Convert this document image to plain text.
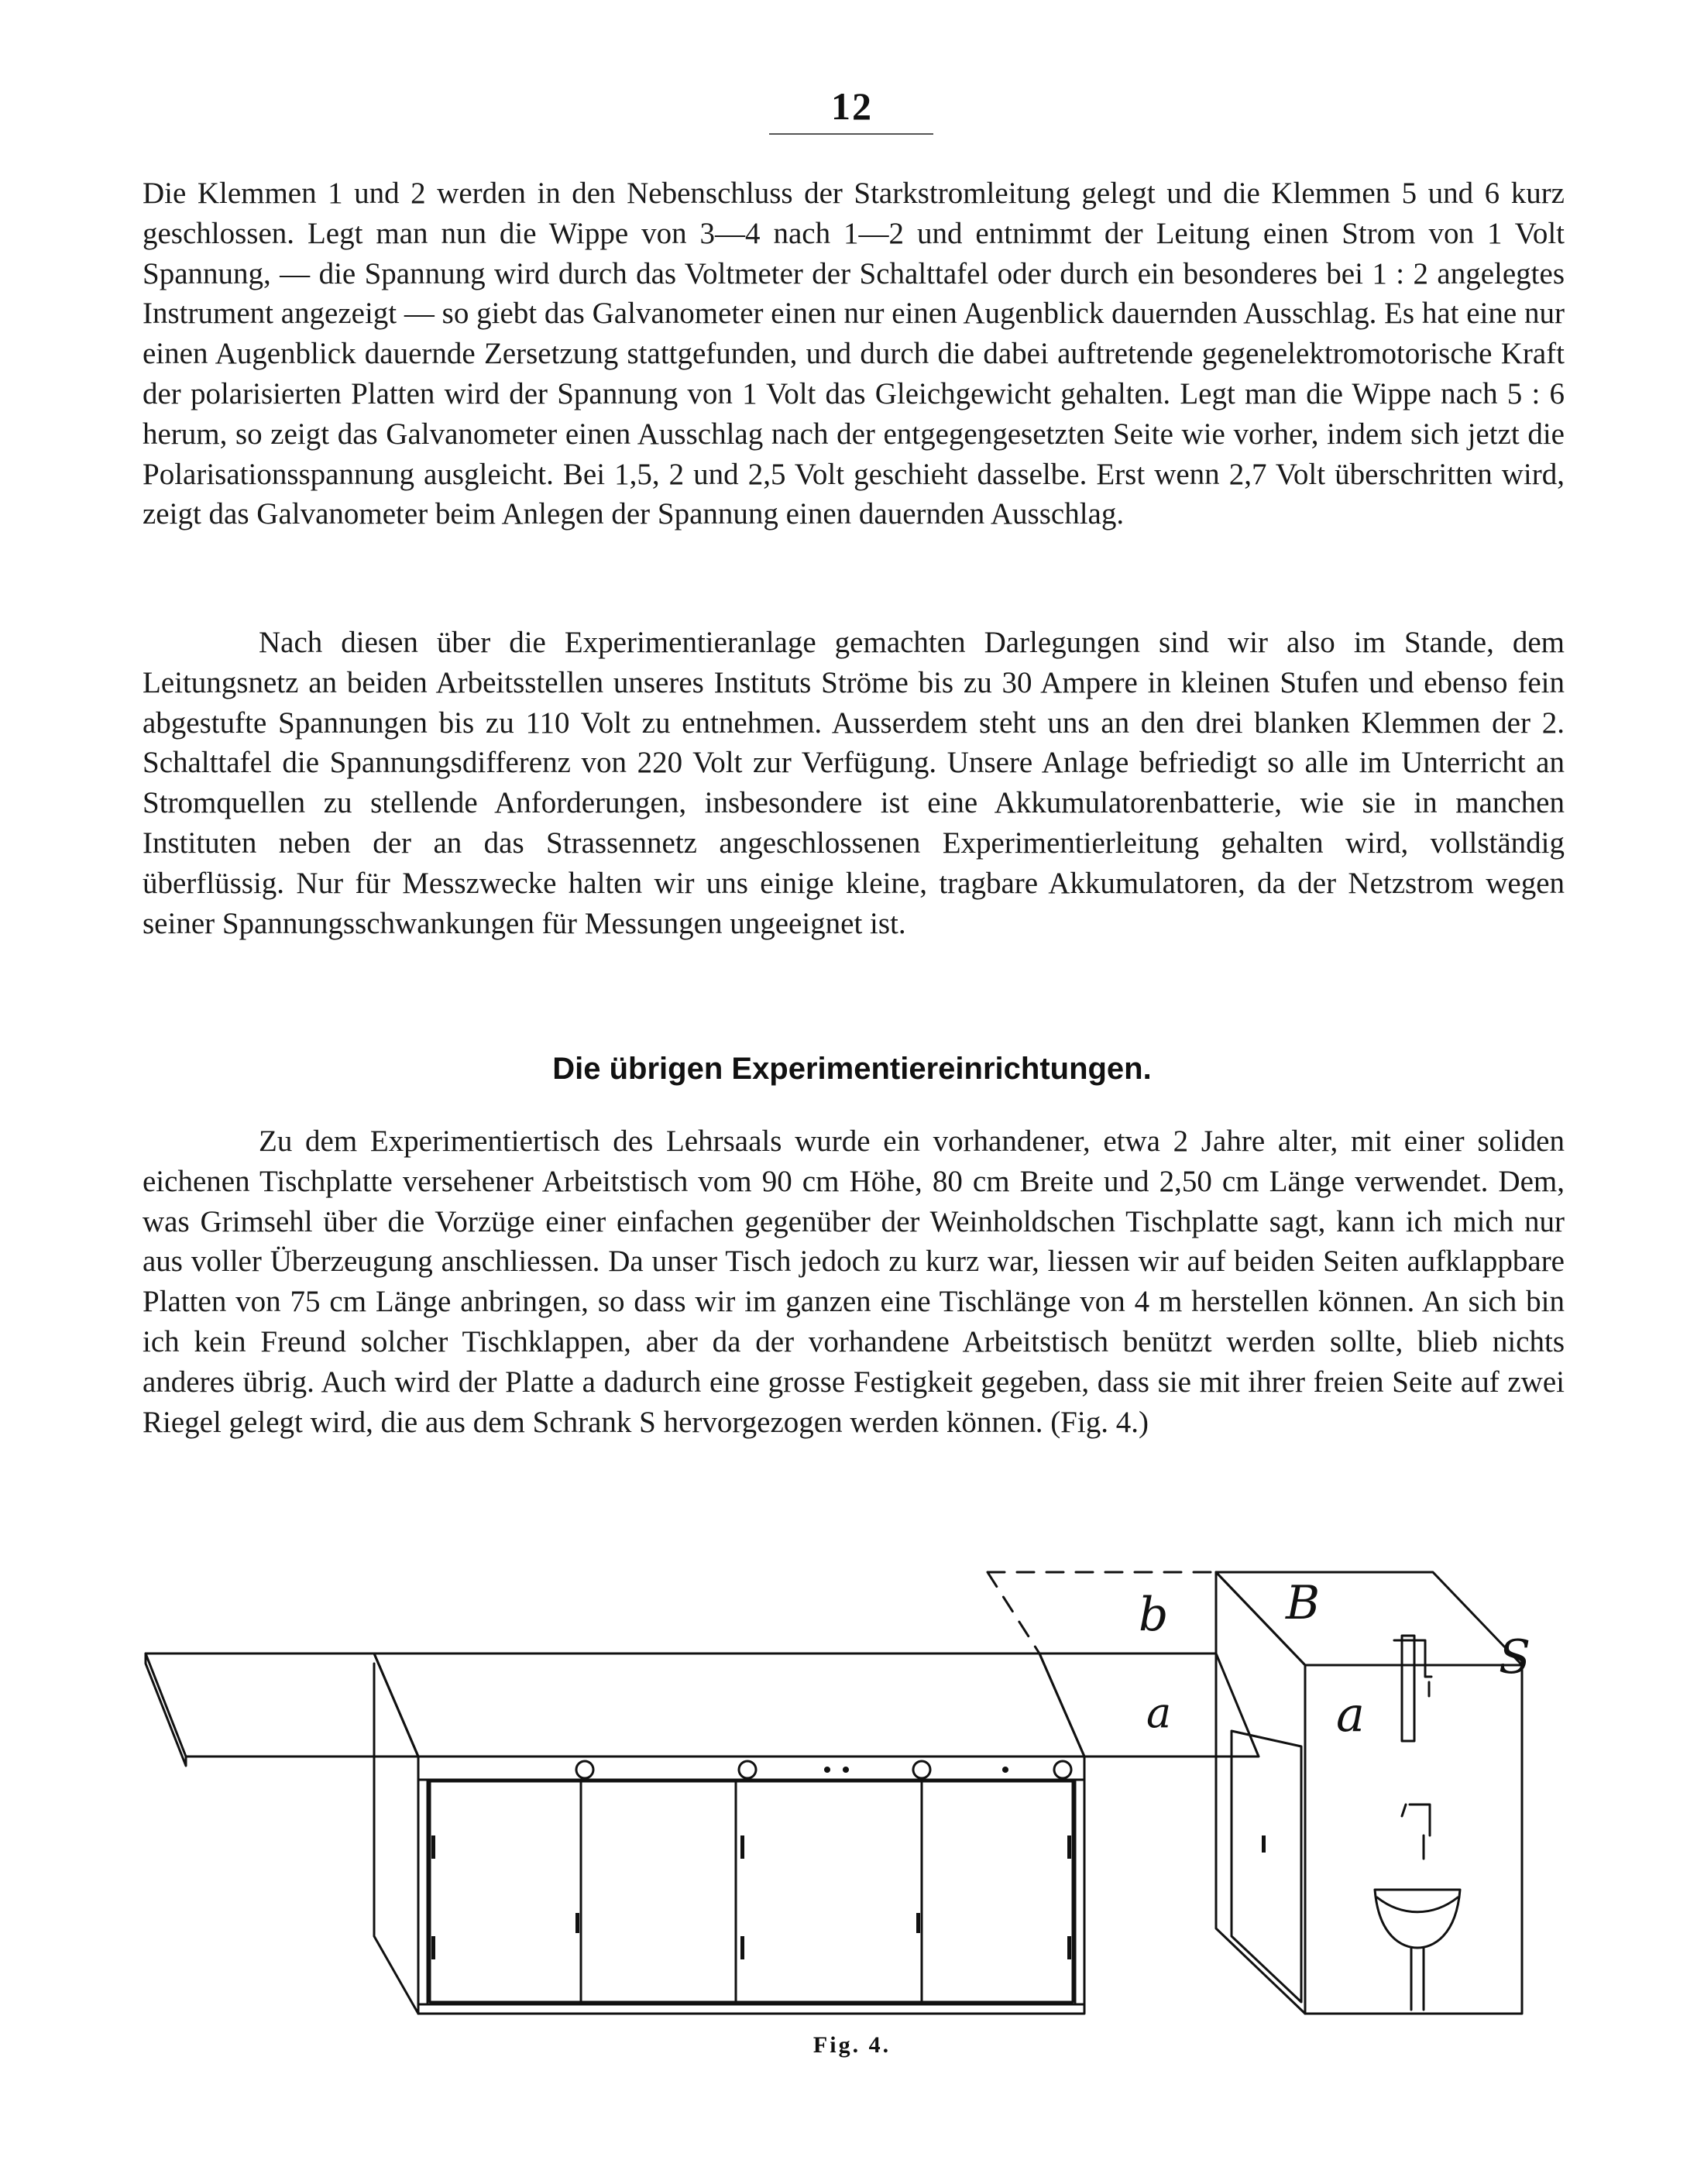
12

Die Klemmen 1 und 2 werden in den Nebenschluss der Starkstromleitung gelegt und die Klemmen 5 und 6 kurz geschlossen. Legt man nun die Wippe von 3—4 nach 1—2 und entnimmt der Leitung einen Strom von 1 Volt Spannung, — die Spannung wird durch das Voltmeter der Schalttafel oder durch ein besonderes bei 1 : 2 angelegtes Instrument angezeigt — so giebt das Galvanometer einen nur einen Augenblick dauernden Ausschlag. Es hat eine nur einen Augenblick dauernde Zersetzung stattgefunden, und durch die dabei auftretende gegenelektromotorische Kraft der polarisierten Platten wird der Spannung von 1 Volt das Gleichgewicht gehalten. Legt man die Wippe nach 5 : 6 herum, so zeigt das Galvanometer einen Ausschlag nach der entgegengesetzten Seite wie vorher, indem sich jetzt die Polarisationsspannung ausgleicht. Bei 1,5, 2 und 2,5 Volt geschieht dasselbe. Erst wenn 2,7 Volt überschritten wird, zeigt das Galvanometer beim Anlegen der Spannung einen dauernden Ausschlag.

Nach diesen über die Experimentieranlage gemachten Darlegungen sind wir also im Stande, dem Leitungsnetz an beiden Arbeitsstellen unseres Instituts Ströme bis zu 30 Ampere in kleinen Stufen und ebenso fein abgestufte Spannungen bis zu 110 Volt zu entnehmen. Ausserdem steht uns an den drei blanken Klemmen der 2. Schalttafel die Spannungsdifferenz von 220 Volt zur Verfügung. Unsere Anlage befriedigt so alle im Unterricht an Stromquellen zu stellende Anforderungen, insbesondere ist eine Akkumulatorenbatterie, wie sie in manchen Instituten neben der an das Strassennetz angeschlossenen Experimentierleitung gehalten wird, vollständig überflüssig. Nur für Messzwecke halten wir uns einige kleine, tragbare Akkumulatoren, da der Netzstrom wegen seiner Spannungsschwankungen für Messungen ungeeignet ist.

Die übrigen Experimentiereinrichtungen.

Zu dem Experimentiertisch des Lehrsaals wurde ein vorhandener, etwa 2 Jahre alter, mit einer soliden eichenen Tischplatte versehener Arbeitstisch vom 90 cm Höhe, 80 cm Breite und 2,50 cm Länge verwendet. Dem, was Grimsehl über die Vorzüge einer einfachen gegenüber der Weinholdschen Tischplatte sagt, kann ich mich nur aus voller Überzeugung anschliessen. Da unser Tisch jedoch zu kurz war, liessen wir auf beiden Seiten aufklappbare Platten von 75 cm Länge anbringen, so dass wir im ganzen eine Tischlänge von 4 m herstellen können. An sich bin ich kein Freund solcher Tischklappen, aber da der vorhandene Arbeitstisch benützt werden sollte, blieb nichts anderes übrig. Auch wird der Platte a dadurch eine grosse Festigkeit gegeben, dass sie mit ihrer freien Seite auf zwei Riegel gelegt wird, die aus dem Schrank S hervorgezogen werden können. (Fig. 4.)

b
a
B
a
S
Fig. 4.
